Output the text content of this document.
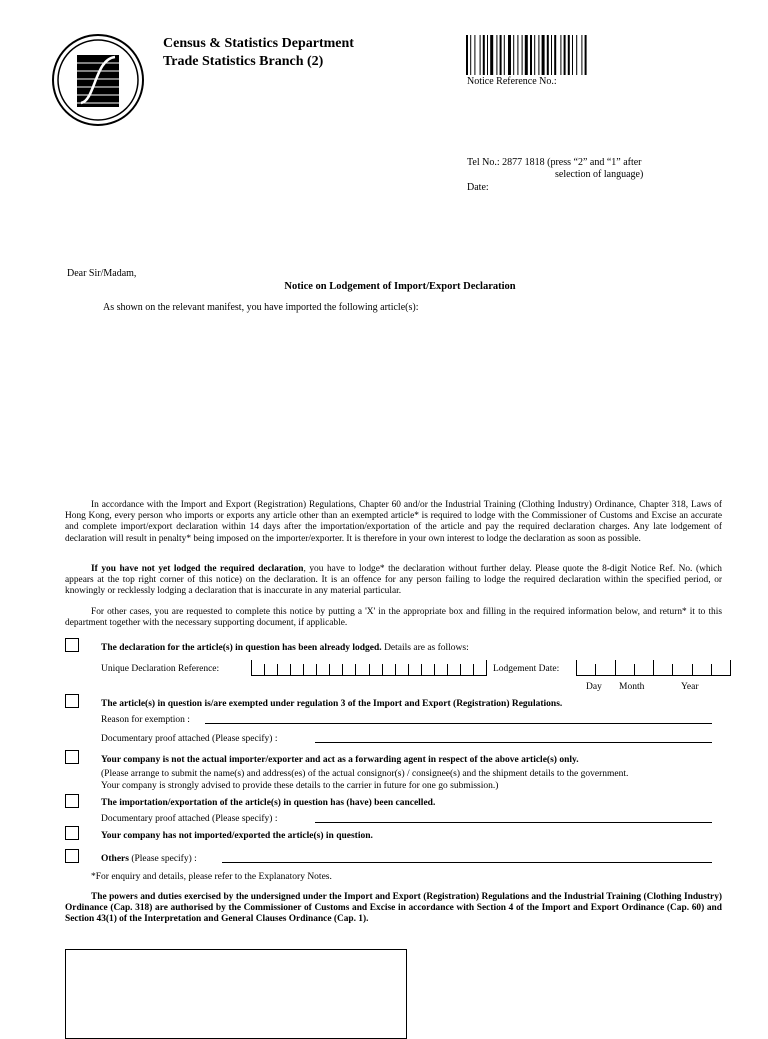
Census & Statistics Department
Trade Statistics Branch (2)
Notice Reference No.:
Tel No.: 2877 1818 (press “2” and “1” after
selection of language)
Date:
Dear Sir/Madam,
Notice on Lodgement of Import/Export Declaration
As shown on the relevant manifest, you have imported the following article(s):
In accordance with the Import and Export (Registration) Regulations, Chapter 60 and/or the Industrial Training (Clothing Industry) Ordinance, Chapter 318, Laws of Hong Kong, every person who imports or exports any article other than an exempted article* is required to lodge with the Commissioner of Customs and Excise an accurate and complete import/export declaration within 14 days after the importation/exportation of the article and pay the required declaration charges. Any late lodgement of declaration will result in penalty* being imposed on the importer/exporter. It is therefore in your own interest to lodge the declaration as soon as possible.
If you have not yet lodged the required declaration, you have to lodge* the declaration without further delay. Please quote the 8-digit Notice Ref. No. (which appears at the top right corner of this notice) on the declaration. It is an offence for any person failing to lodge the required declaration within the specified period, or knowingly or recklessly lodging a declaration that is inaccurate in any material particular.
For other cases, you are requested to complete this notice by putting a 'X' in the appropriate box and filling in the required information below, and return* it to this department together with the necessary supporting document, if applicable.
The declaration for the article(s) in question has been already lodged. Details are as follows:
Unique Declaration Reference:	Lodgement Date:
Day Month	Year
The article(s) in question is/are exempted under regulation 3 of the Import and Export (Registration) Regulations.
Reason for exemption :
Documentary proof attached (Please specify) :
Your company is not the actual importer/exporter and act as a forwarding agent in respect of the above article(s) only.
(Please arrange to submit the name(s) and address(es) of the actual consignor(s) / consignee(s) and the shipment details to the government.
Your company is strongly advised to provide these details to the carrier in future for one go submission.)
The importation/exportation of the article(s) in question has (have) been cancelled.
Documentary proof attached (Please specify) :
Your company has not imported/exported the article(s) in question.
Others (Please specify) :
*For enquiry and details, please refer to the Explanatory Notes.
The powers and duties exercised by the undersigned under the Import and Export (Registration) Regulations and the Industrial Training (Clothing Industry) Ordinance (Cap. 318) are authorised by the Commissioner of Customs and Excise in accordance with Section 4 of the Import and Export Ordinance (Cap. 60) and Section 43(1) of the Interpretation and General Clauses Ordinance (Cap. 1).
